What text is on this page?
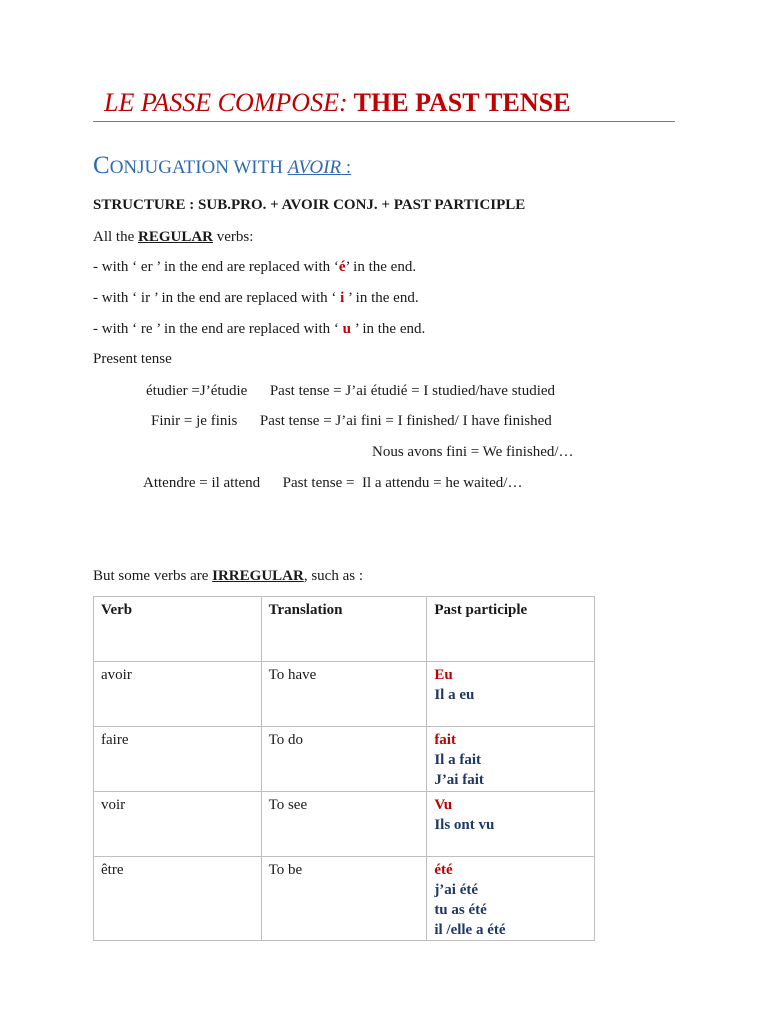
LE PASSE COMPOSE: THE PAST TENSE
CONJUGATION WITH AVOIR :
STRUCTURE : SUB.PRO. + AVOIR CONJ. + PAST PARTICIPLE
All the REGULAR verbs:
- with ‘ er ’ in the end are replaced with ‘é’ in the end.
- with ‘ ir ’ in the end are replaced with ‘ i ’ in the end.
- with ‘ re ’ in the end are replaced with ‘ u ’ in the end.
Present tense
étudier =J’étudie      Past tense = J’ai étudié = I studied/have studied
Finir = je finis      Past tense = J’ai fini = I finished/ I have finished
Nous avons fini = We finished/…
Attendre = il attend      Past tense =  Il a attendu = he waited/…
But some verbs are IRREGULAR, such as :
Verb	Translation	Past participle
avoir	To have	Eu
Il a eu

faire	To do	fait
Il a fait
J’ai fait

voir	To see	Vu
Ils ont vu

être	To be	été
j’ai été
tu as été
il /elle a été
